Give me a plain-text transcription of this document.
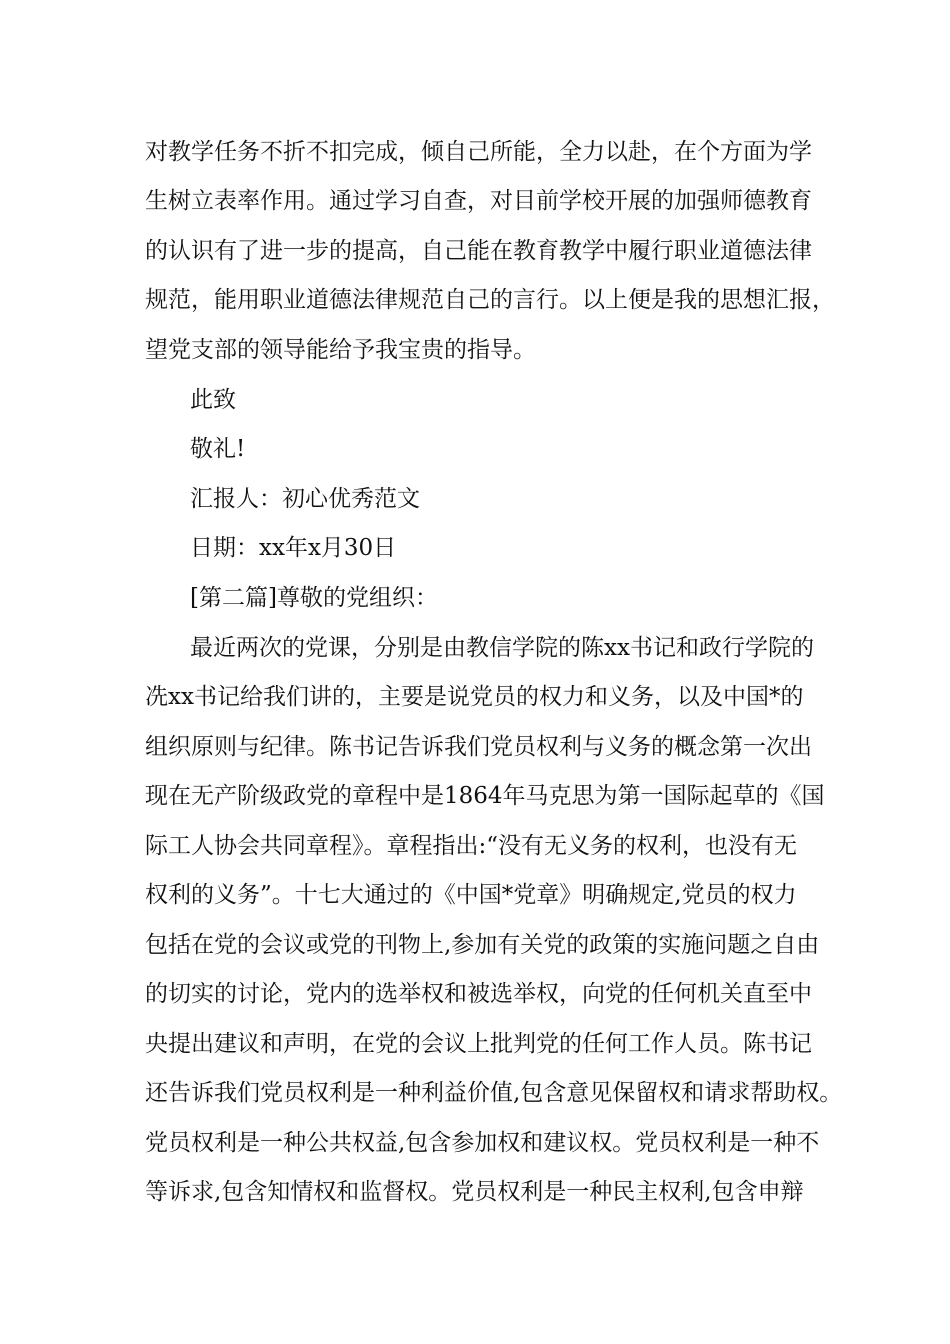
对教学任务不折不扣完成，倾自己所能，全力以赴，在个方面为学
生树立表率作用。通过学习自查，对目前学校开展的加强师德教育
的认识有了进一步的提高，自己能在教育教学中履行职业道德法律
规范，能用职业道德法律规范自己的言行。以上便是我的思想汇报，
望党支部的领导能给予我宝贵的指导。
此致
敬礼!
汇报人：初心优秀范文
日期：xx年x月30日
[第二篇]尊敬的党组织：
最近两次的党课，分别是由教信学院的陈xx书记和政行学院的
冼xx书记给我们讲的，主要是说党员的权力和义务，以及中国*的
组织原则与纪律。陈书记告诉我们党员权利与义务的概念第一次出
现在无产阶级政党的章程中是1864年马克思为第一国际起草的《国
际工人协会共同章程》。章程指出:“没有无义务的权利，也没有无
权利的义务”。十七大通过的《中国*党章》明确规定,党员的权力
包括在党的会议或党的刊物上,参加有关党的政策的实施问题之自由
的切实的讨论，党内的选举权和被选举权，向党的任何机关直至中
央提出建议和声明，在党的会议上批判党的任何工作人员。陈书记
还告诉我们党员权利是一种利益价值,包含意见保留权和请求帮助权。
党员权利是一种公共权益,包含参加权和建议权。党员权利是一种不
等诉求,包含知情权和监督权。党员权利是一种民主权利,包含申辩
